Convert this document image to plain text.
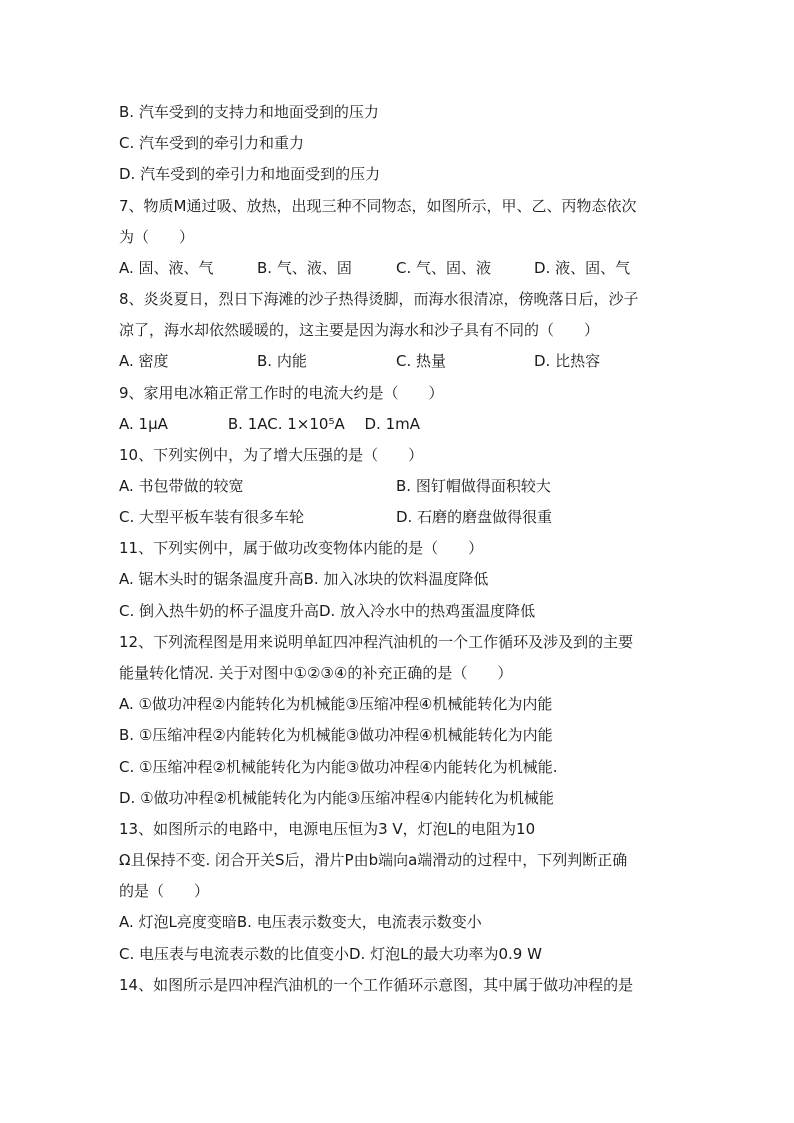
B. 汽车受到的支持力和地面受到的压力
C. 汽车受到的牵引力和重力
D. 汽车受到的牵引力和地面受到的压力
7、物质M通过吸、放热，出现三种不同物态，如图所示，甲、乙、丙物态依次
为（　　）
A. 固、液、气	B. 气、液、固	C. 气、固、液	D. 液、固、气
8、炎炎夏日，烈日下海滩的沙子热得烫脚，而海水很清凉，傍晚落日后，沙子
凉了，海水却依然暖暖的，这主要是因为海水和沙子具有不同的（　　）
A. 密度	B. 内能	C. 热量	D. 比热容
9、家用电冰箱正常工作时的电流大约是（　　）
A. 1μA　　　　B. 1AC. 1×10⁵A　 D. 1mA
10、下列实例中，为了增大压强的是（　　）
A. 书包带做的较宽	B. 图钉帽做得面积较大
C. 大型平板车装有很多车轮	D. 石磨的磨盘做得很重
11、下列实例中，属于做功改变物体内能的是（　　）
A. 锯木头时的锯条温度升高B. 加入冰块的饮料温度降低
C. 倒入热牛奶的杯子温度升高D. 放入冷水中的热鸡蛋温度降低
12、下列流程图是用来说明单缸四冲程汽油机的一个工作循环及涉及到的主要
能量转化情况. 关于对图中①②③④的补充正确的是（　　）
A. ①做功冲程②内能转化为机械能③压缩冲程④机械能转化为内能
B. ①压缩冲程②内能转化为机械能③做功冲程④机械能转化为内能
C. ①压缩冲程②机械能转化为内能③做功冲程④内能转化为机械能.
D. ①做功冲程②机械能转化为内能③压缩冲程④内能转化为机械能
13、如图所示的电路中，电源电压恒为3 V，灯泡L的电阻为10
Ω且保持不变. 闭合开关S后，滑片P由b端向a端滑动的过程中，下列判断正确
的是（　　）
A. 灯泡L亮度变暗B. 电压表示数变大，电流表示数变小
C. 电压表与电流表示数的比值变小D. 灯泡L的最大功率为0.9 W
14、如图所示是四冲程汽油机的一个工作循环示意图，其中属于做功冲程的是
